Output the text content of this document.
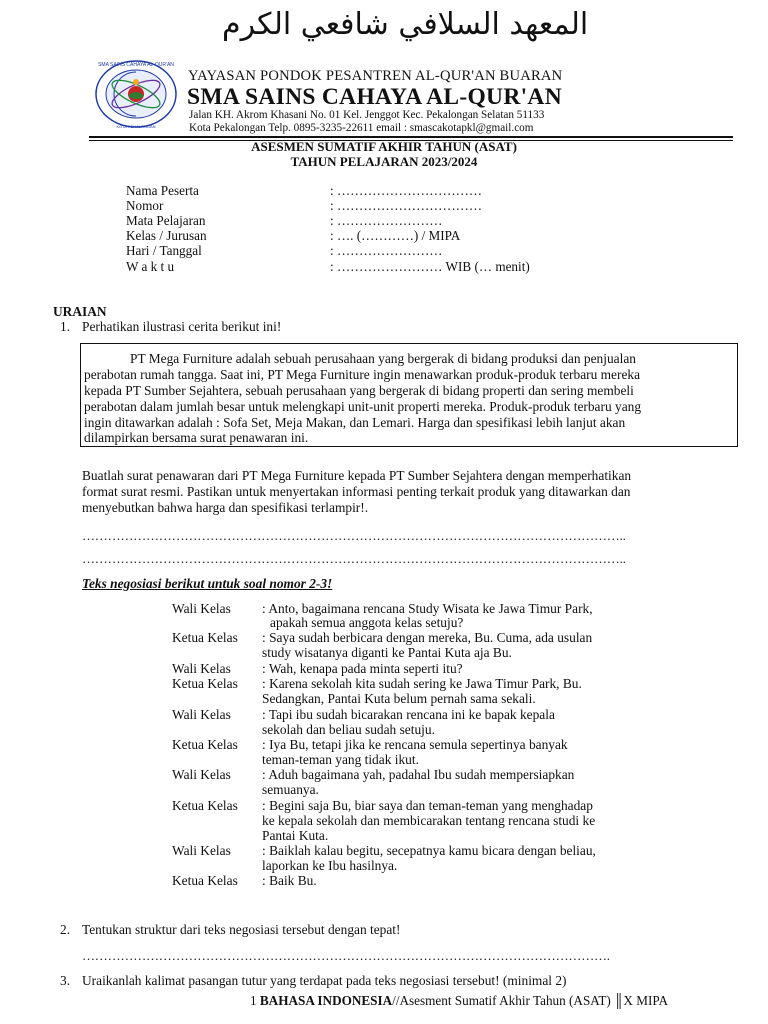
SMA SAINS CAHAYA AL-QUR'AN
KOTA PEKALONGAN
المعهد السلافي شافعي الكرم
YAYASAN PONDOK PESANTREN AL-QUR'AN BUARAN
SMA SAINS CAHAYA AL-QUR'AN
Jalan KH. Akrom Khasani No. 01 Kel. Jenggot Kec. Pekalongan Selatan 51133
Kota Pekalongan Telp. 0895-3235-22611 email : smascakotapkl@gmail.com
ASESMEN SUMATIF AKHIR TAHUN (ASAT)
TAHUN PELAJARAN 2023/2024
Nama Peserta	: ……………………………
Nomor	: ……………………………
Mata Pelajaran	: ……………………
Kelas / Jurusan	: …. (…………) / MIPA
Hari / Tanggal	: ……………………
W a k t u	: …………………… WIB (… menit)
URAIAN
1. Perhatikan ilustrasi cerita berikut ini!
PT Mega Furniture adalah sebuah perusahaan yang bergerak di bidang produksi dan penjualan
perabotan rumah tangga. Saat ini, PT Mega Furniture ingin menawarkan produk-produk terbaru mereka
kepada PT Sumber Sejahtera, sebuah perusahaan yang bergerak di bidang properti dan sering membeli
perabotan dalam jumlah besar untuk melengkapi unit-unit properti mereka. Produk-produk terbaru yang
ingin ditawarkan adalah : Sofa Set, Meja Makan, dan Lemari. Harga dan spesifikasi lebih lanjut akan
dilampirkan bersama surat penawaran ini.
Buatlah surat penawaran dari PT Mega Furniture kepada PT Sumber Sejahtera dengan memperhatikan
format surat resmi. Pastikan untuk menyertakan informasi penting terkait produk yang ditawarkan dan
menyebutkan bahwa harga dan spesifikasi terlampir!.
………………………………………………………………………………………………………………..
………………………………………………………………………………………………………………..
Teks negosiasi berikut untuk soal nomor 2-3!
Wali Kelas : Anto, bagaimana rencana Study Wisata ke Jawa Timur Park,
apakah semua anggota kelas setuju?
Ketua Kelas : Saya sudah berbicara dengan mereka, Bu. Cuma, ada usulan
study wisatanya diganti ke Pantai Kuta aja Bu.
Wali Kelas : Wah, kenapa pada minta seperti itu?
Ketua Kelas : Karena sekolah kita sudah sering ke Jawa Timur Park, Bu.
Sedangkan, Pantai Kuta belum pernah sama sekali.
Wali Kelas : Tapi ibu sudah bicarakan rencana ini ke bapak kepala
sekolah dan beliau sudah setuju.
Ketua Kelas : Iya Bu, tetapi jika ke rencana semula sepertinya banyak
teman-teman yang tidak ikut.
Wali Kelas : Aduh bagaimana yah, padahal Ibu sudah mempersiapkan
semuanya.
Ketua Kelas : Begini saja Bu, biar saya dan teman-teman yang menghadap
ke kepala sekolah dan membicarakan tentang rencana studi ke
Pantai Kuta.
Wali Kelas : Baiklah kalau begitu, secepatnya kamu bicara dengan beliau,
laporkan ke Ibu hasilnya.
Ketua Kelas : Baik Bu.
2. Tentukan struktur dari teks negosiasi tersebut dengan tepat!
…………………………………………………………………………………………………………….
3. Uraikanlah kalimat pasangan tutur yang terdapat pada teks negosiasi tersebut! (minimal 2)
1 BAHASA INDONESIA//Asesment Sumatif Akhir Tahun (ASAT) ║X MIPA
